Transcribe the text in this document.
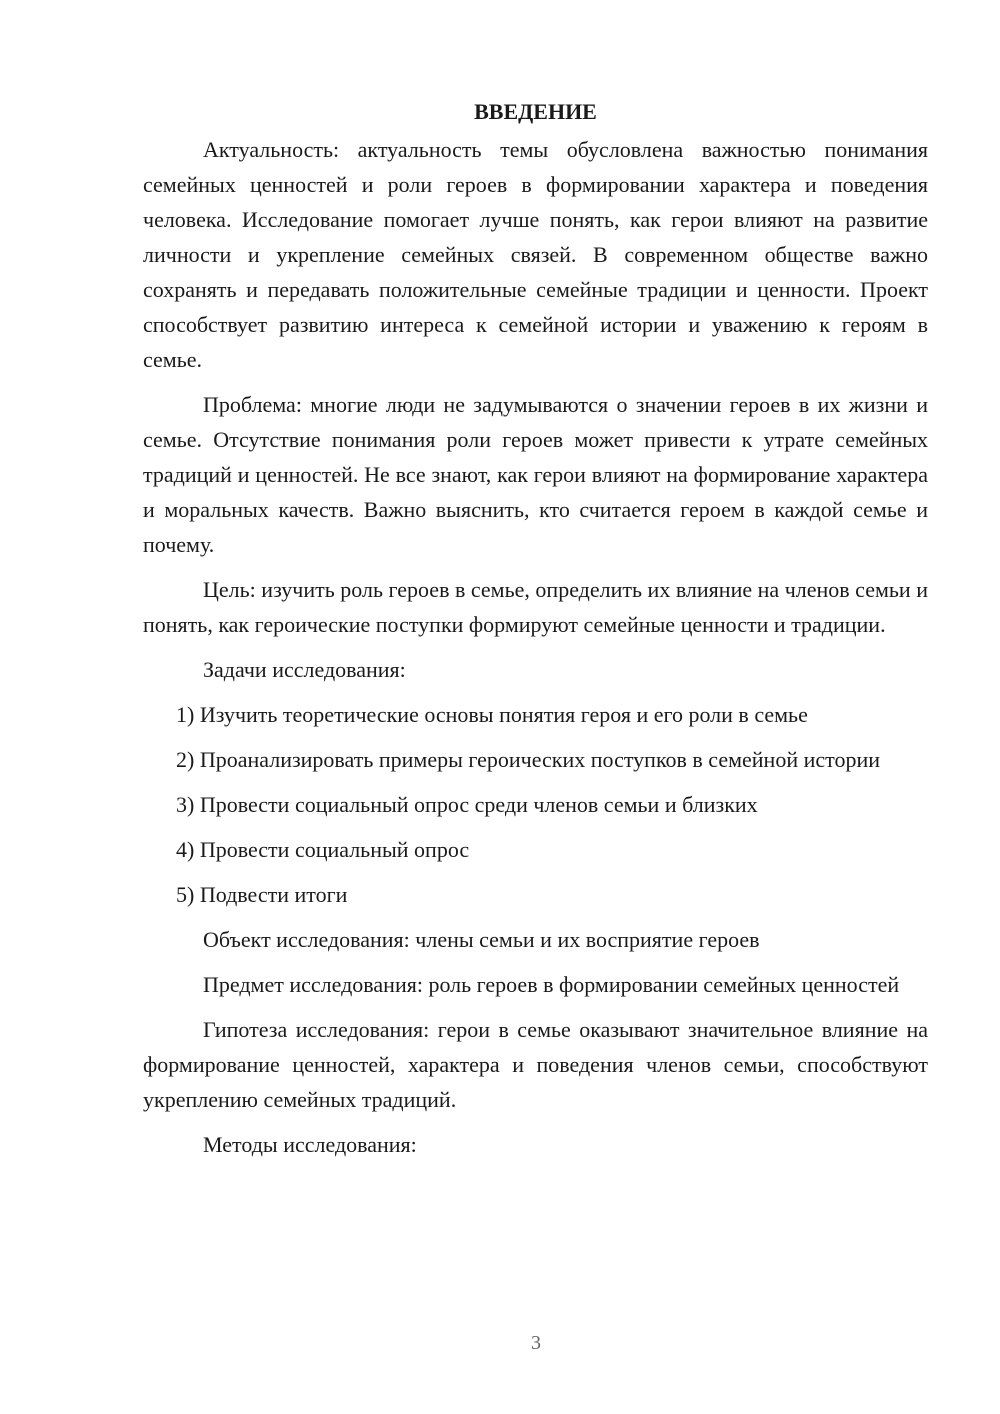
ВВЕДЕНИЕ

Актуальность: актуальность темы обусловлена важностью понимания семейных ценностей и роли героев в формировании характера и поведения человека. Исследование помогает лучше понять, как герои влияют на развитие личности и укрепление семейных связей. В современном обществе важно сохранять и передавать положительные семейные традиции и ценности. Проект способствует развитию интереса к семейной истории и уважению к героям в семье.

Проблема: многие люди не задумываются о значении героев в их жизни и семье. Отсутствие понимания роли героев может привести к утрате семейных традиций и ценностей. Не все знают, как герои влияют на формирование характера и моральных качеств. Важно выяснить, кто считается героем в каждой семье и почему.

Цель: изучить роль героев в семье, определить их влияние на членов семьи и понять, как героические поступки формируют семейные ценности и традиции.

Задачи исследования:

1) Изучить теоретические основы понятия героя и его роли в семье

2) Проанализировать примеры героических поступков в семейной истории

3) Провести социальный опрос среди членов семьи и близких

4) Провести социальный опрос

5) Подвести итоги

Объект исследования: члены семьи и их восприятие героев

Предмет исследования: роль героев в формировании семейных ценностей

Гипотеза исследования: герои в семье оказывают значительное влияние на формирование ценностей, характера и поведения членов семьи, способствуют укреплению семейных традиций.

Методы исследования:

3
